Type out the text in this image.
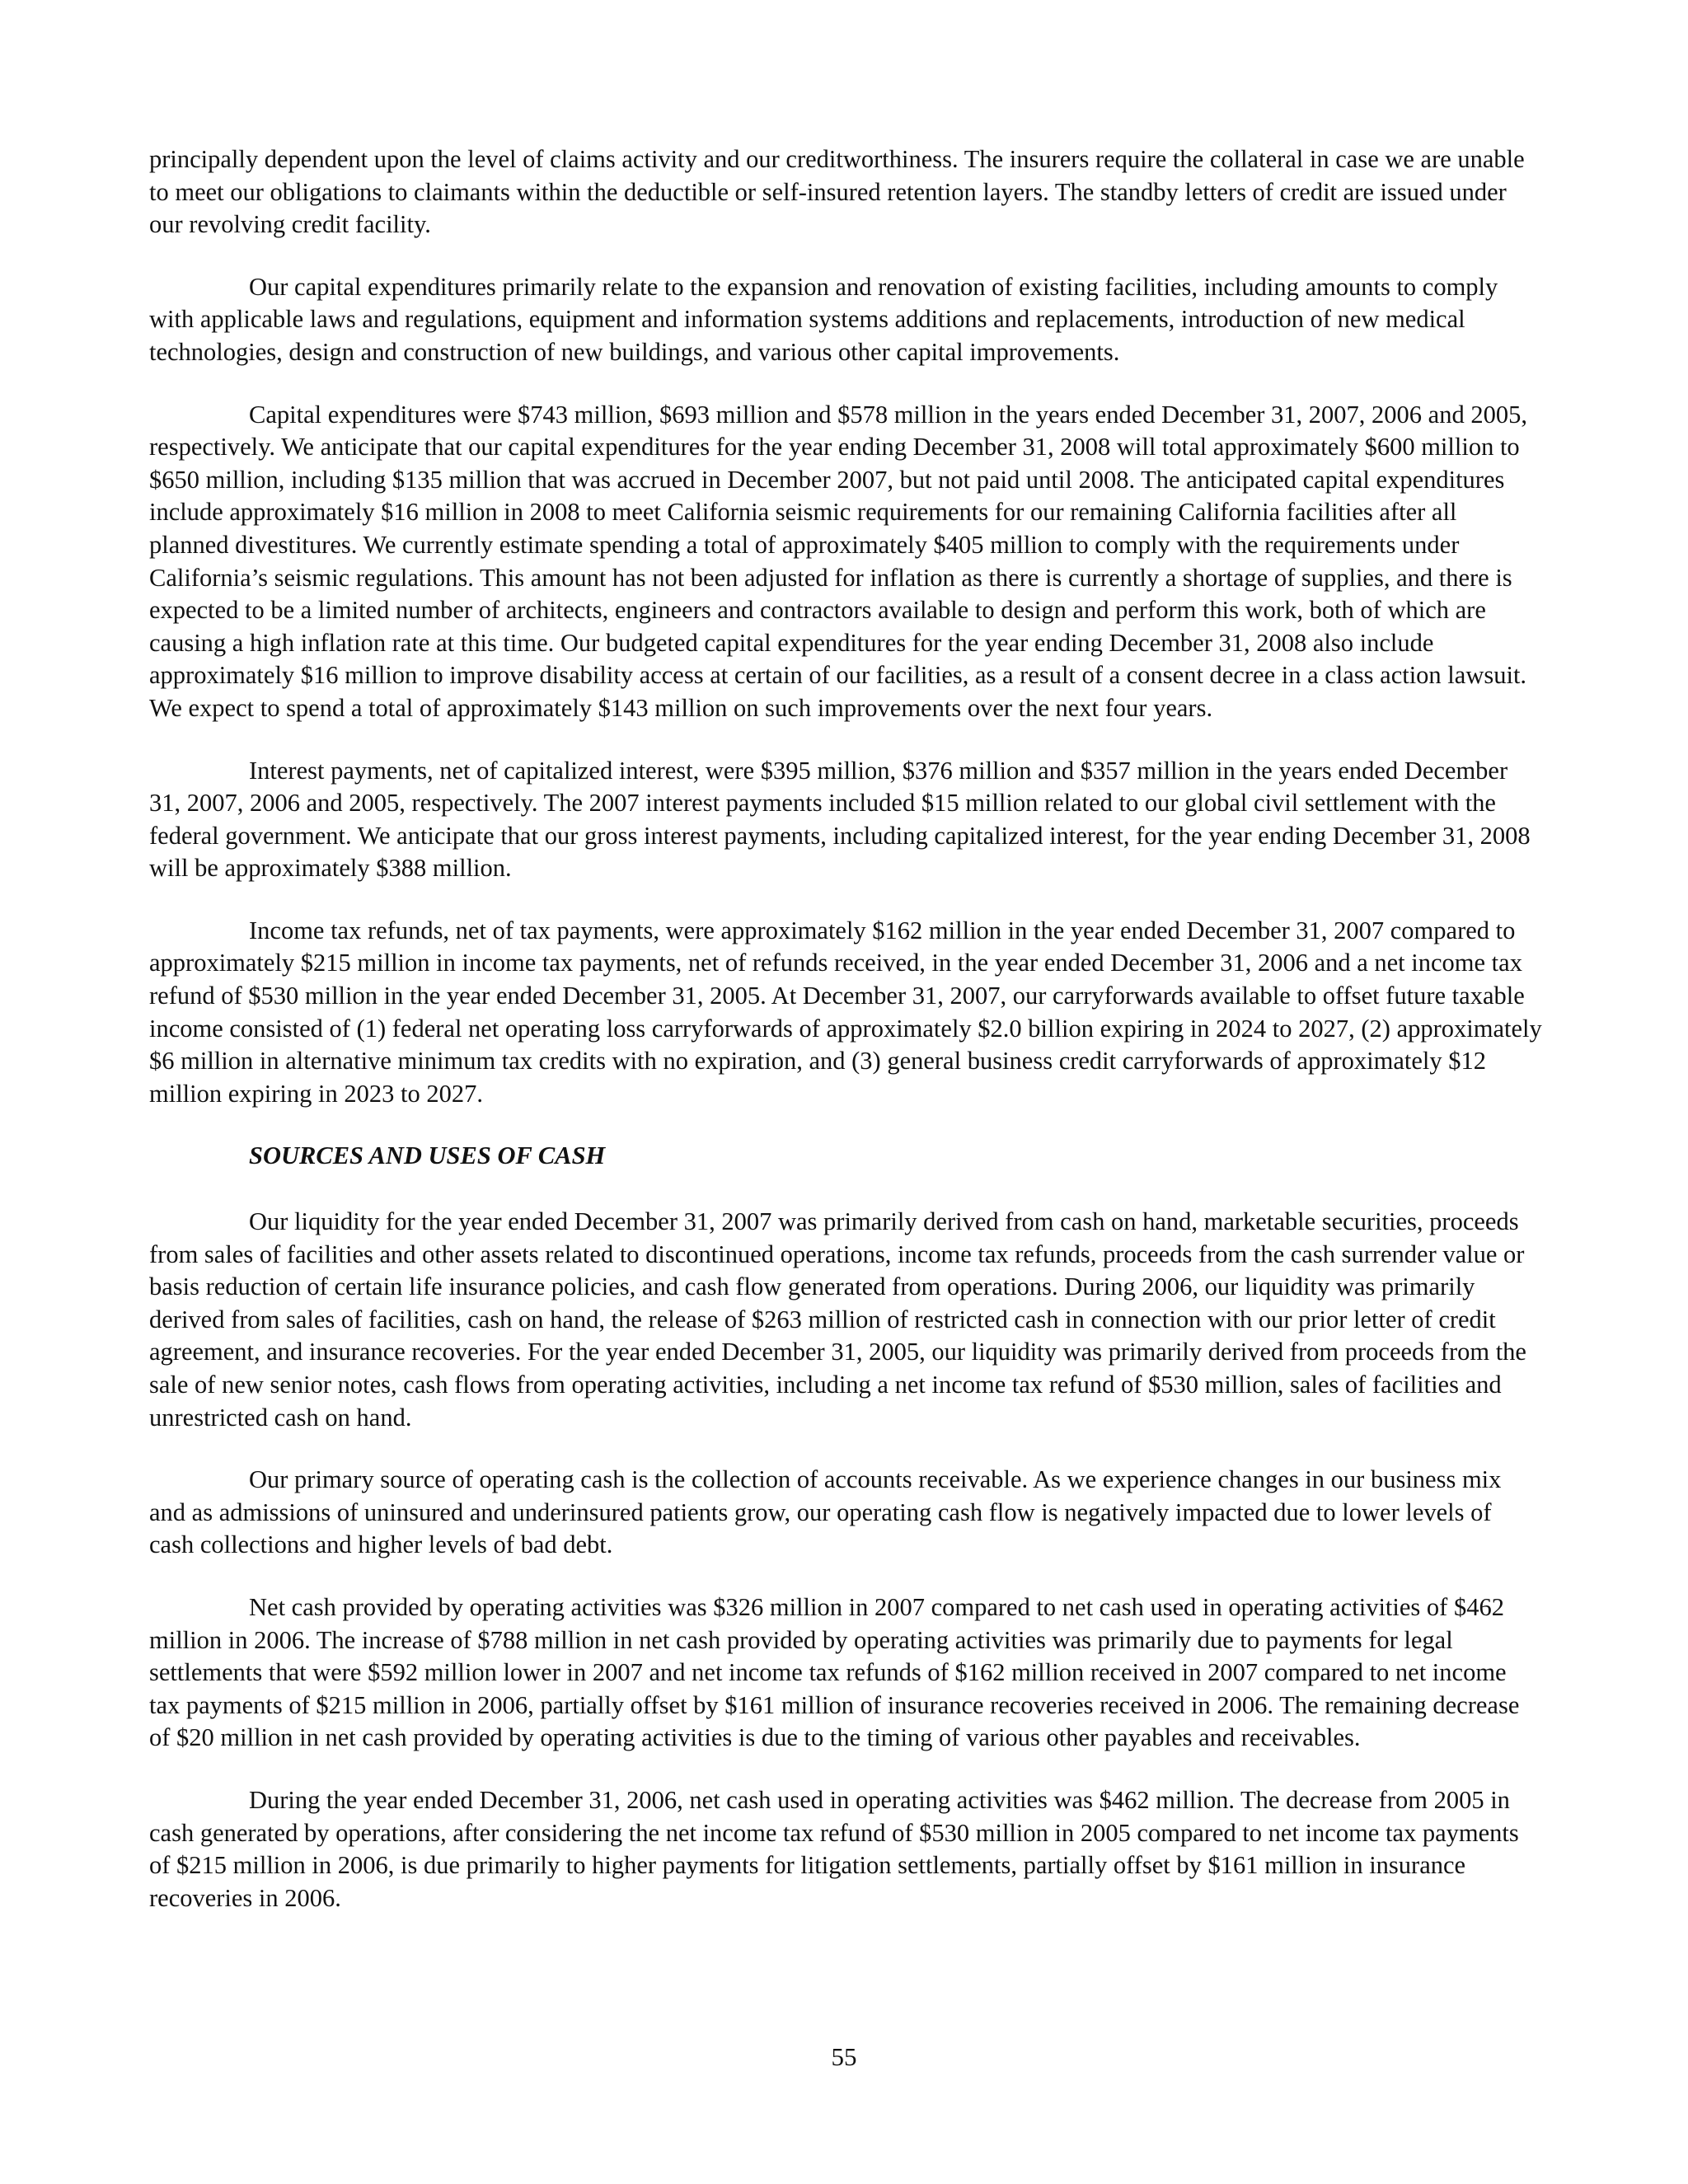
principally dependent upon the level of claims activity and our creditworthiness. The insurers require the collateral in case we are unable to meet our obligations to claimants within the deductible or self-insured retention layers. The standby letters of credit are issued under our revolving credit facility.

Our capital expenditures primarily relate to the expansion and renovation of existing facilities, including amounts to comply with applicable laws and regulations, equipment and information systems additions and replacements, introduction of new medical technologies, design and construction of new buildings, and various other capital improvements.

Capital expenditures were $743 million, $693 million and $578 million in the years ended December 31, 2007, 2006 and 2005, respectively. We anticipate that our capital expenditures for the year ending December 31, 2008 will total approximately $600 million to $650 million, including $135 million that was accrued in December 2007, but not paid until 2008. The anticipated capital expenditures include approximately $16 million in 2008 to meet California seismic requirements for our remaining California facilities after all planned divestitures. We currently estimate spending a total of approximately $405 million to comply with the requirements under California’s seismic regulations. This amount has not been adjusted for inflation as there is currently a shortage of supplies, and there is expected to be a limited number of architects, engineers and contractors available to design and perform this work, both of which are causing a high inflation rate at this time. Our budgeted capital expenditures for the year ending December 31, 2008 also include approximately $16 million to improve disability access at certain of our facilities, as a result of a consent decree in a class action lawsuit. We expect to spend a total of approximately $143 million on such improvements over the next four years.

Interest payments, net of capitalized interest, were $395 million, $376 million and $357 million in the years ended December 31, 2007, 2006 and 2005, respectively. The 2007 interest payments included $15 million related to our global civil settlement with the federal government. We anticipate that our gross interest payments, including capitalized interest, for the year ending December 31, 2008 will be approximately $388 million.

Income tax refunds, net of tax payments, were approximately $162 million in the year ended December 31, 2007 compared to approximately $215 million in income tax payments, net of refunds received, in the year ended December 31, 2006 and a net income tax refund of $530 million in the year ended December 31, 2005. At December 31, 2007, our carryforwards available to offset future taxable income consisted of (1) federal net operating loss carryforwards of approximately $2.0 billion expiring in 2024 to 2027, (2) approximately $6 million in alternative minimum tax credits with no expiration, and (3) general business credit carryforwards of approximately $12 million expiring in 2023 to 2027.

SOURCES AND USES OF CASH

Our liquidity for the year ended December 31, 2007 was primarily derived from cash on hand, marketable securities, proceeds from sales of facilities and other assets related to discontinued operations, income tax refunds, proceeds from the cash surrender value or basis reduction of certain life insurance policies, and cash flow generated from operations. During 2006, our liquidity was primarily derived from sales of facilities, cash on hand, the release of $263 million of restricted cash in connection with our prior letter of credit agreement, and insurance recoveries. For the year ended December 31, 2005, our liquidity was primarily derived from proceeds from the sale of new senior notes, cash flows from operating activities, including a net income tax refund of $530 million, sales of facilities and unrestricted cash on hand.

Our primary source of operating cash is the collection of accounts receivable. As we experience changes in our business mix and as admissions of uninsured and underinsured patients grow, our operating cash flow is negatively impacted due to lower levels of cash collections and higher levels of bad debt.

Net cash provided by operating activities was $326 million in 2007 compared to net cash used in operating activities of $462 million in 2006. The increase of $788 million in net cash provided by operating activities was primarily due to payments for legal settlements that were $592 million lower in 2007 and net income tax refunds of $162 million received in 2007 compared to net income tax payments of $215 million in 2006, partially offset by $161 million of insurance recoveries received in 2006. The remaining decrease of $20 million in net cash provided by operating activities is due to the timing of various other payables and receivables.

During the year ended December 31, 2006, net cash used in operating activities was $462 million. The decrease from 2005 in cash generated by operations, after considering the net income tax refund of $530 million in 2005 compared to net income tax payments of $215 million in 2006, is due primarily to higher payments for litigation settlements, partially offset by $161 million in insurance recoveries in 2006.

55
